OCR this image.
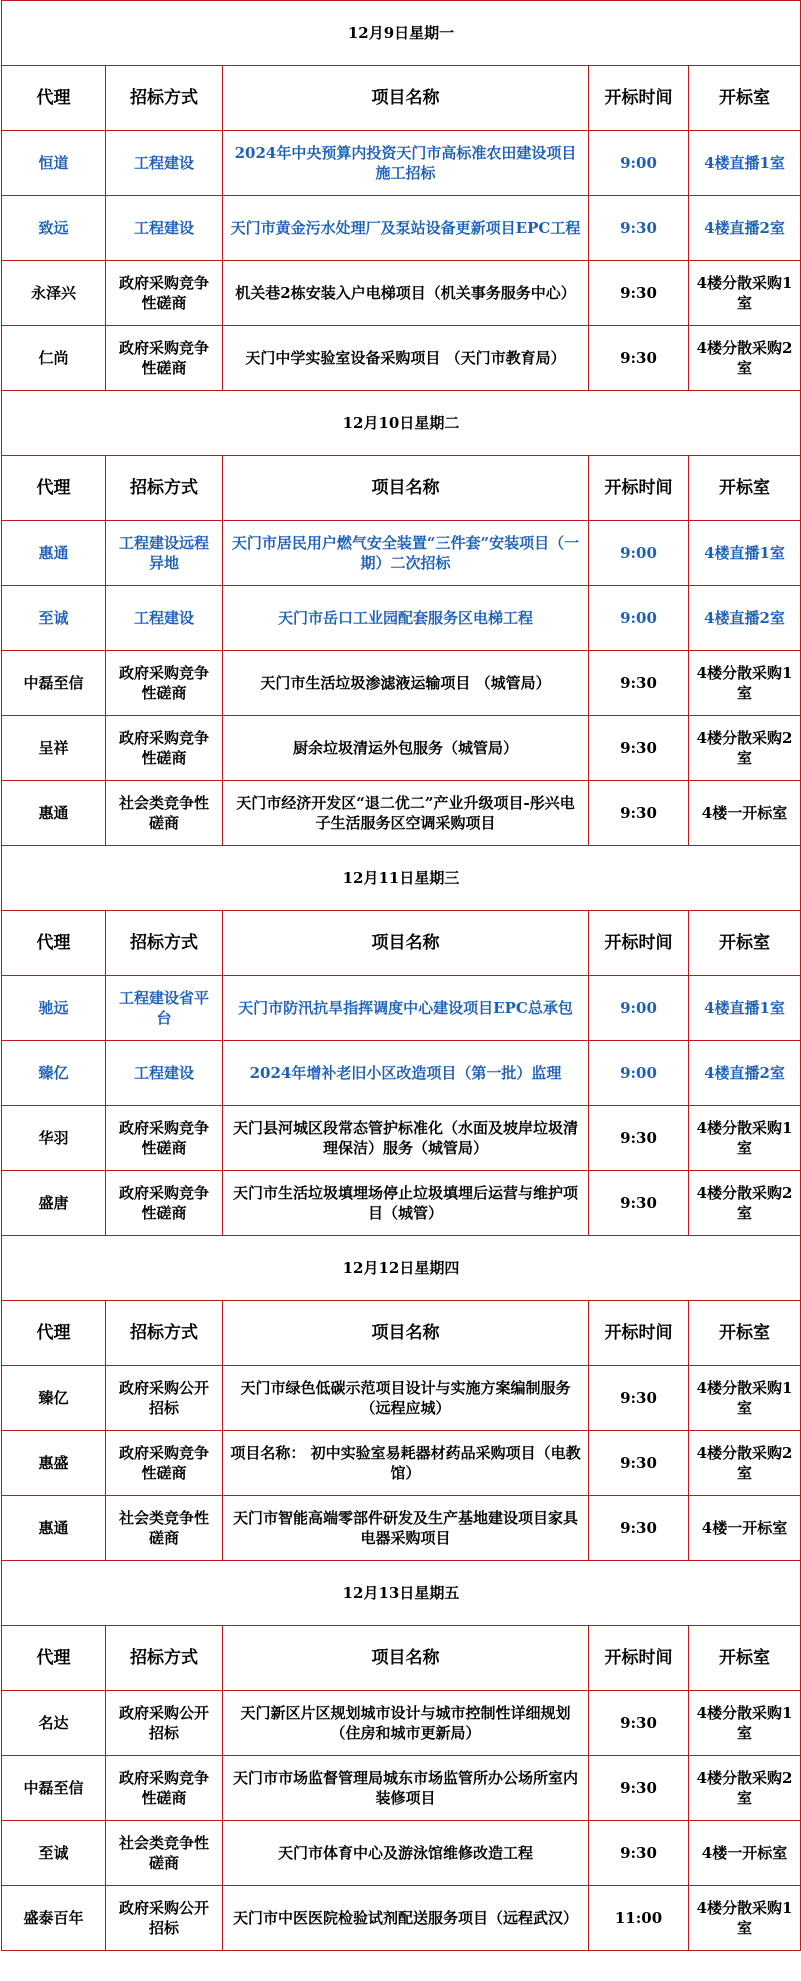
12月9日星期一				
代理	招标方式	项目名称	开标时间	开标室
恒道	工程建设	2024年中央预算内投资天门市高标准农田建设项目施工招标	9:00	4楼直播1室
致远	工程建设	天门市黄金污水处理厂及泵站设备更新项目EPC工程	9:30	4楼直播2室
永泽兴	政府采购竞争性磋商	机关巷2栋安装入户电梯项目（机关事务服务中心）	9:30	4楼分散采购1室
仁尚	政府采购竞争性磋商	天门中学实验室设备采购项目 （天门市教育局）	9:30	4楼分散采购2室
12月10日星期二				
代理	招标方式	项目名称	开标时间	开标室
惠通	工程建设远程异地	天门市居民用户燃气安全装置“三件套”安装项目（一期）二次招标	9:00	4楼直播1室
至诚	工程建设	天门市岳口工业园配套服务区电梯工程	9:00	4楼直播2室
中磊至信	政府采购竞争性磋商	天门市生活垃圾渗滤液运输项目 （城管局）	9:30	4楼分散采购1室
呈祥	政府采购竞争性磋商	厨余垃圾清运外包服务（城管局）	9:30	4楼分散采购2室
惠通	社会类竞争性磋商	天门市经济开发区“退二优二”产业升级项目-彤兴电子生活服务区空调采购项目	9:30	4楼一开标室
12月11日星期三				
代理	招标方式	项目名称	开标时间	开标室
驰远	工程建设省平台	天门市防汛抗旱指挥调度中心建设项目EPC总承包	9:00	4楼直播1室
臻亿	工程建设	2024年增补老旧小区改造项目（第一批）监理	9:00	4楼直播2室
华羽	政府采购竞争性磋商	天门县河城区段常态管护标准化（水面及坡岸垃圾清理保洁）服务（城管局）	9:30	4楼分散采购1室
盛唐	政府采购竞争性磋商	天门市生活垃圾填埋场停止垃圾填埋后运营与维护项目（城管）	9:30	4楼分散采购2室
12月12日星期四				
代理	招标方式	项目名称	开标时间	开标室
臻亿	政府采购公开招标	天门市绿色低碳示范项目设计与实施方案编制服务（远程应城）	9:30	4楼分散采购1室
惠盛	政府采购竞争性磋商	项目名称： 初中实验室易耗器材药品采购项目（电教馆）	9:30	4楼分散采购2室
惠通	社会类竞争性磋商	天门市智能高端零部件研发及生产基地建设项目家具电器采购项目	9:30	4楼一开标室
12月13日星期五				
代理	招标方式	项目名称	开标时间	开标室
名达	政府采购公开招标	天门新区片区规划城市设计与城市控制性详细规划（住房和城市更新局）	9:30	4楼分散采购1室
中磊至信	政府采购竞争性磋商	天门市市场监督管理局城东市场监管所办公场所室内装修项目	9:30	4楼分散采购2室
至诚	社会类竞争性磋商	天门市体育中心及游泳馆维修改造工程	9:30	4楼一开标室
盛泰百年	政府采购公开招标	天门市中医医院检验试剂配送服务项目（远程武汉）	11:00	4楼分散采购1室
